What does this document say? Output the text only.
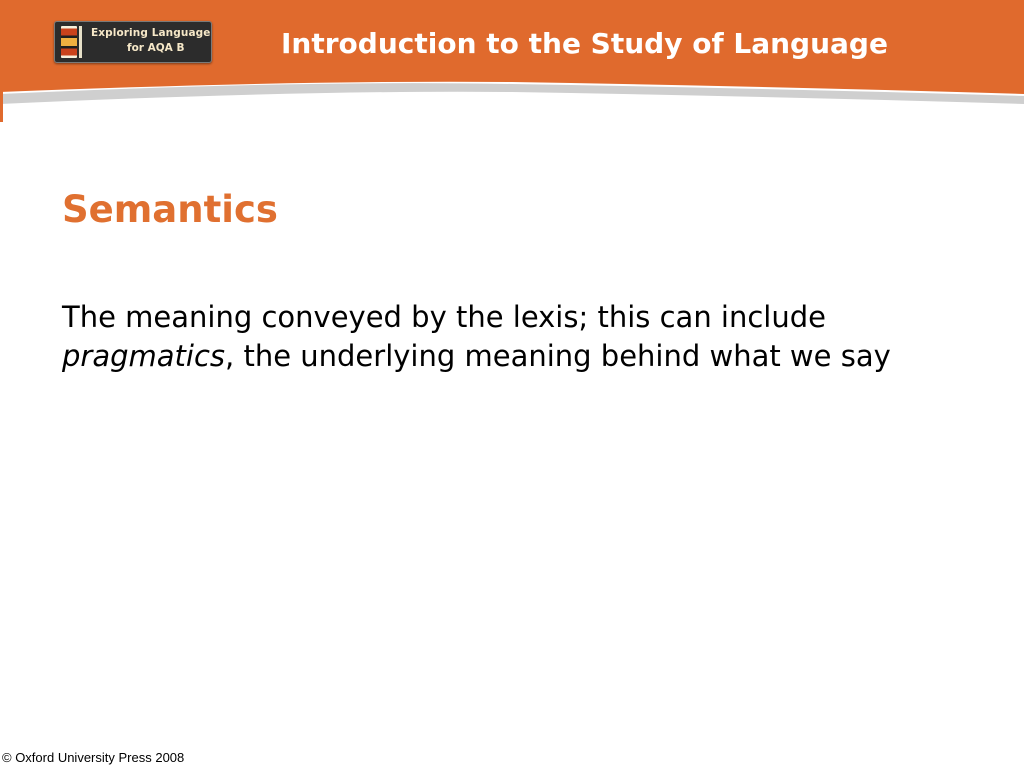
Exploring Language
for AQA B	Introduction to the Study of Language
Semantics
The meaning conveyed by the lexis; this can include pragmatics, the underlying meaning behind what we say
© Oxford University Press 2008
